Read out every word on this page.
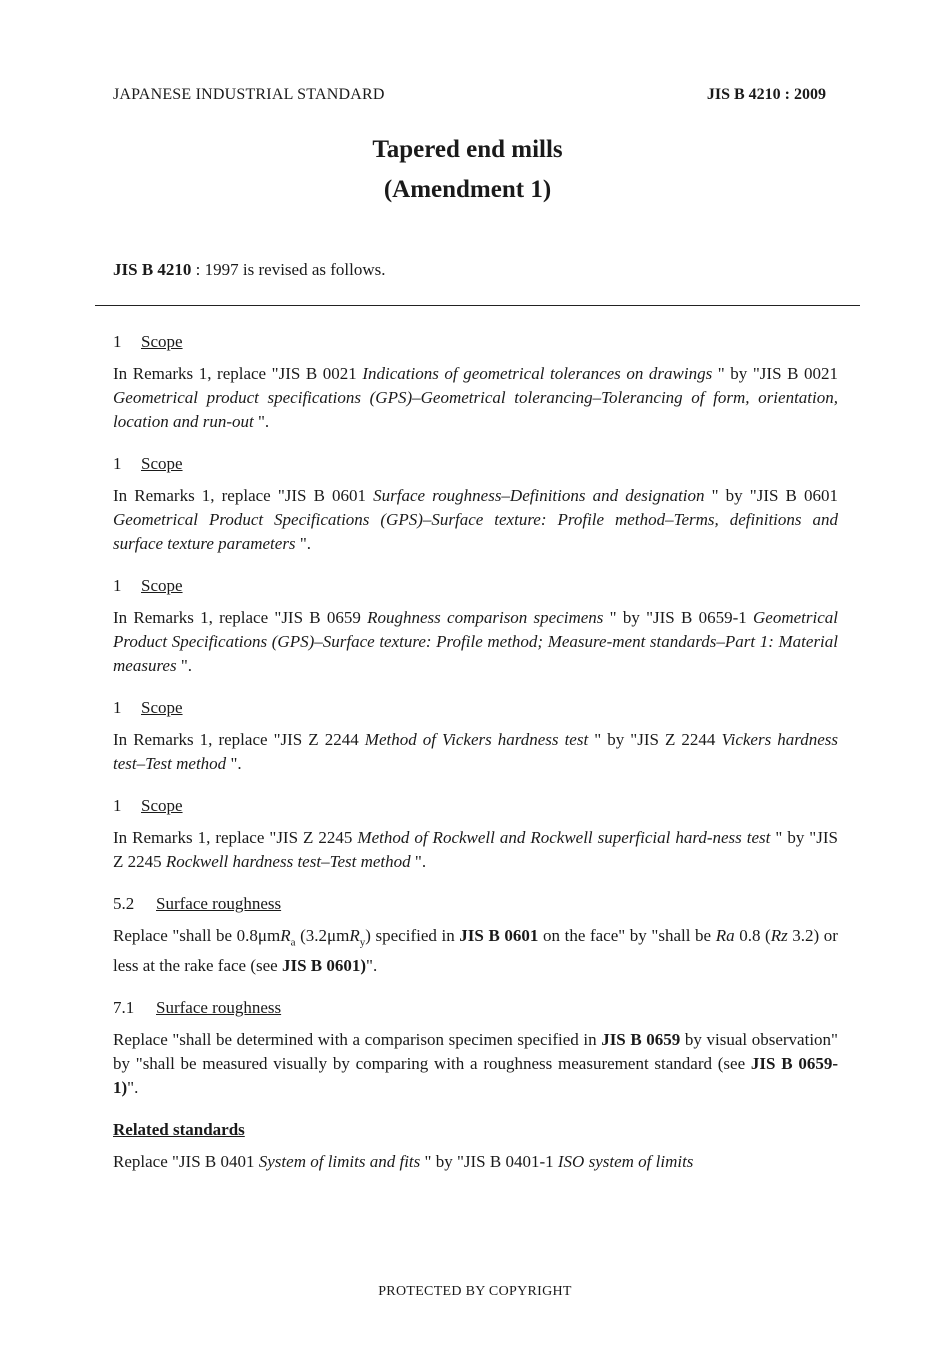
JAPANESE INDUSTRIAL STANDARD	JIS B 4210 : 2009
Tapered end mills
(Amendment 1)
JIS B 4210 : 1997 is revised as follows.
1 Scope

In Remarks 1, replace "JIS B 0021 Indications of geometrical tolerances on drawings " by "JIS B 0021 Geometrical product specifications (GPS)–Geometrical tolerancing–Tolerancing of form, orientation, location and run-out ".

1 Scope

In Remarks 1, replace "JIS B 0601 Surface roughness–Definitions and designation " by "JIS B 0601 Geometrical Product Specifications (GPS)–Surface texture: Profile method–Terms, definitions and surface texture parameters ".

1 Scope

In Remarks 1, replace "JIS B 0659 Roughness comparison specimens " by "JIS B 0659-1 Geometrical Product Specifications (GPS)–Surface texture: Profile method; Measure-ment standards–Part 1: Material measures ".

1 Scope

In Remarks 1, replace "JIS Z 2244 Method of Vickers hardness test " by "JIS Z 2244 Vickers hardness test–Test method ".

1 Scope

In Remarks 1, replace "JIS Z 2245 Method of Rockwell and Rockwell superficial hard-ness test " by "JIS Z 2245 Rockwell hardness test–Test method ".

5.2 Surface roughness

Replace "shall be 0.8μmR$_a$ (3.2μmR$_y$) specified in JIS B 0601 on the face" by "shall be Ra 0.8 (Rz 3.2) or less at the rake face (see JIS B 0601)".

7.1 Surface roughness

Replace "shall be determined with a comparison specimen specified in JIS B 0659 by visual observation" by "shall be measured visually by comparing with a roughness measurement standard (see JIS B 0659-1)".

Related standards

Replace "JIS B 0401 System of limits and fits " by "JIS B 0401-1 ISO system of limits

PROTECTED BY COPYRIGHT
